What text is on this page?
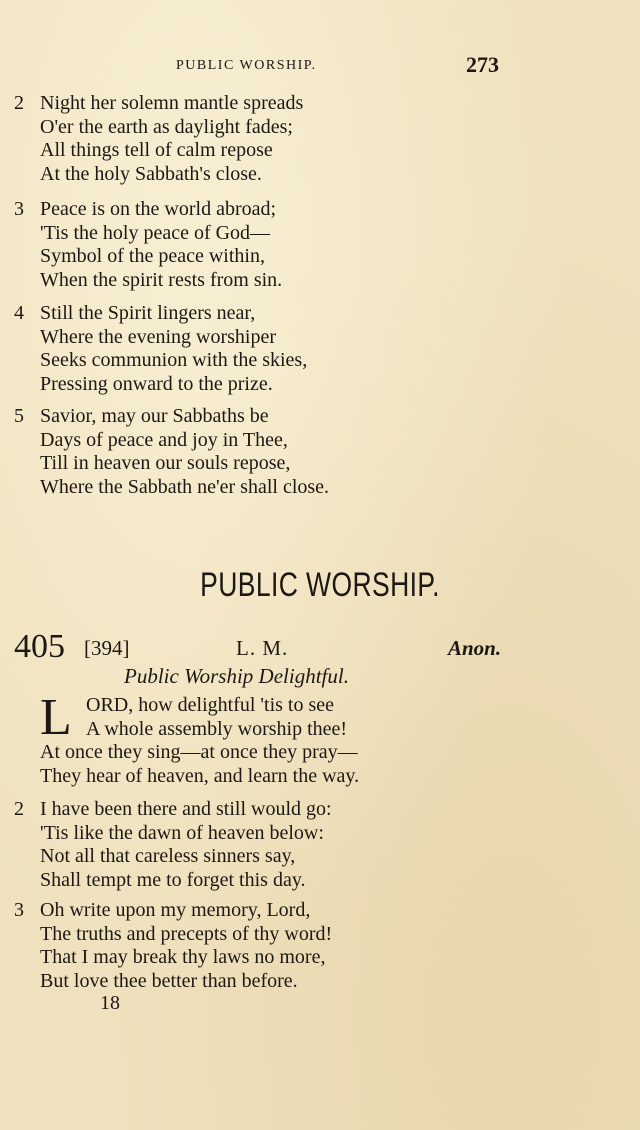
PUBLIC WORSHIP.	273
2 Night her solemn mantle spreads
O'er the earth as daylight fades;
All things tell of calm repose
At the holy Sabbath's close.
3 Peace is on the world abroad;
'Tis the holy peace of God—
Symbol of the peace within,
When the spirit rests from sin.
4 Still the Spirit lingers near,
Where the evening worshiper
Seeks communion with the skies,
Pressing onward to the prize.
5 Savior, may our Sabbaths be
Days of peace and joy in Thee,
Till in heaven our souls repose,
Where the Sabbath ne'er shall close.
PUBLIC WORSHIP.
405 [394]	L. M.	Anon.
Public Worship Delightful.
L ORD, how delightful 'tis to see
A whole assembly worship thee!
At once they sing—at once they pray—
They hear of heaven, and learn the way.
2 I have been there and still would go:
'Tis like the dawn of heaven below:
Not all that careless sinners say,
Shall tempt me to forget this day.
3 Oh write upon my memory, Lord,
The truths and precepts of thy word!
That I may break thy laws no more,
But love thee better than before.
18
